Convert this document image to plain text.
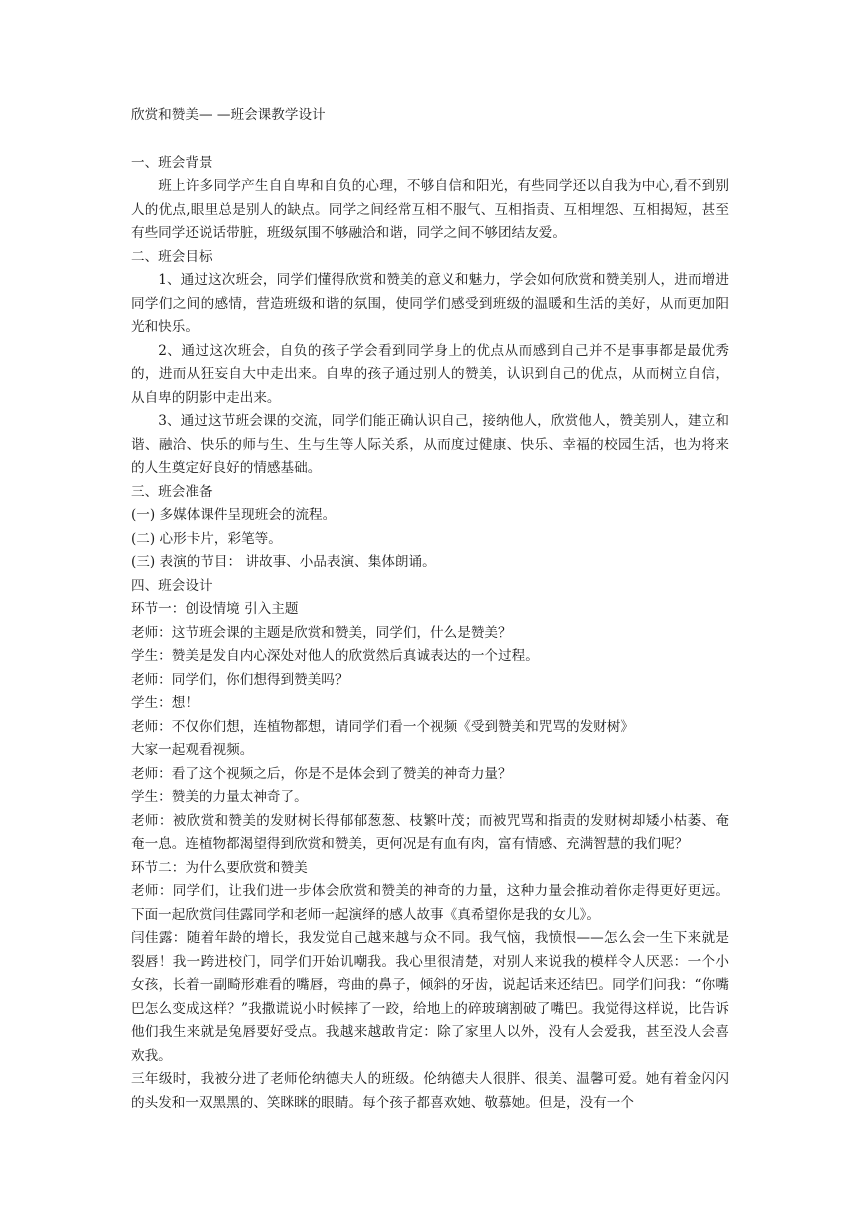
欣赏和赞美— —班会课教学设计
一、班会背景

班上许多同学产生自自卑和自负的心理，不够自信和阳光，有些同学还以自我为中心,看不到别人的优点,眼里总是别人的缺点。同学之间经常互相不服气、互相指责、互相埋怨、互相揭短，甚至有些同学还说话带脏，班级氛围不够融洽和谐，同学之间不够团结友爱。

二、班会目标

1、通过这次班会，同学们懂得欣赏和赞美的意义和魅力，学会如何欣赏和赞美别人，进而增进同学们之间的感情，营造班级和谐的氛围，使同学们感受到班级的温暖和生活的美好，从而更加阳光和快乐。

2、通过这次班会，自负的孩子学会看到同学身上的优点从而感到自己并不是事事都是最优秀的，进而从狂妄自大中走出来。自卑的孩子通过别人的赞美，认识到自己的优点，从而树立自信，从自卑的阴影中走出来。

3、通过这节班会课的交流，同学们能正确认识自己，接纳他人，欣赏他人，赞美别人，建立和谐、融洽、快乐的师与生、生与生等人际关系，从而度过健康、快乐、幸福的校园生活，也为将来的人生奠定好良好的情感基础。

三、班会准备

(一) 多媒体课件呈现班会的流程。

(二) 心形卡片，彩笔等。

(三) 表演的节目： 讲故事、小品表演、集体朗诵。

四、班会设计

环节一：创设情境 引入主题

老师：这节班会课的主题是欣赏和赞美，同学们，什么是赞美？

学生：赞美是发自内心深处对他人的欣赏然后真诚表达的一个过程。

老师：同学们，你们想得到赞美吗？

学生：想！

老师：不仅你们想，连植物都想，请同学们看一个视频《受到赞美和咒骂的发财树》

大家一起观看视频。

老师：看了这个视频之后，你是不是体会到了赞美的神奇力量？

学生：赞美的力量太神奇了。

老师：被欣赏和赞美的发财树长得郁郁葱葱、枝繁叶茂；而被咒骂和指责的发财树却矮小枯萎、奄奄一息。连植物都渴望得到欣赏和赞美，更何况是有血有肉，富有情感、充满智慧的我们呢？

环节二：为什么要欣赏和赞美

老师：同学们，让我们进一步体会欣赏和赞美的神奇的力量，这种力量会推动着你走得更好更远。下面一起欣赏闫佳露同学和老师一起演绎的感人故事《真希望你是我的女儿》。

闫佳露：随着年龄的增长，我发觉自己越来越与众不同。我气恼，我愤恨——怎么会一生下来就是裂唇！我一跨进校门，同学们开始讥嘲我。我心里很清楚，对别人来说我的模样令人厌恶：一个小女孩，长着一副畸形难看的嘴唇，弯曲的鼻子，倾斜的牙齿，说起话来还结巴。同学们问我：“你嘴巴怎么变成这样？”我撒谎说小时候摔了一跤，给地上的碎玻璃割破了嘴巴。我觉得这样说，比告诉他们我生来就是兔唇要好受点。我越来越敢肯定：除了家里人以外，没有人会爱我，甚至没人会喜欢我。

三年级时，我被分进了老师伦纳德夫人的班级。伦纳德夫人很胖、很美、温馨可爱。她有着金闪闪的头发和一双黑黑的、笑眯眯的眼睛。每个孩子都喜欢她、敬慕她。但是，没有一个
